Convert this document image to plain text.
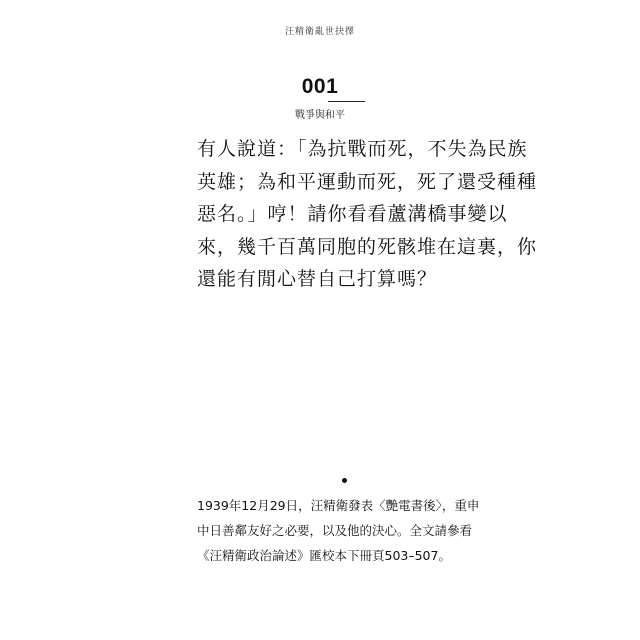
汪精衛亂世抉擇
001
戰爭與和平
有人說道：「為抗戰而死，不失為民族
英雄；為和平運動而死，死了還受種種
惡名。」哼！請你看看蘆溝橋事變以
來，幾千百萬同胞的死骸堆在這裏，你
還能有閒心替自己打算嗎？
1939年12月29日，汪精衛發表〈艷電書後〉，重申
中日善鄰友好之必要，以及他的決心。全文請參看
《汪精衛政治論述》匯校本下冊頁503–507。
